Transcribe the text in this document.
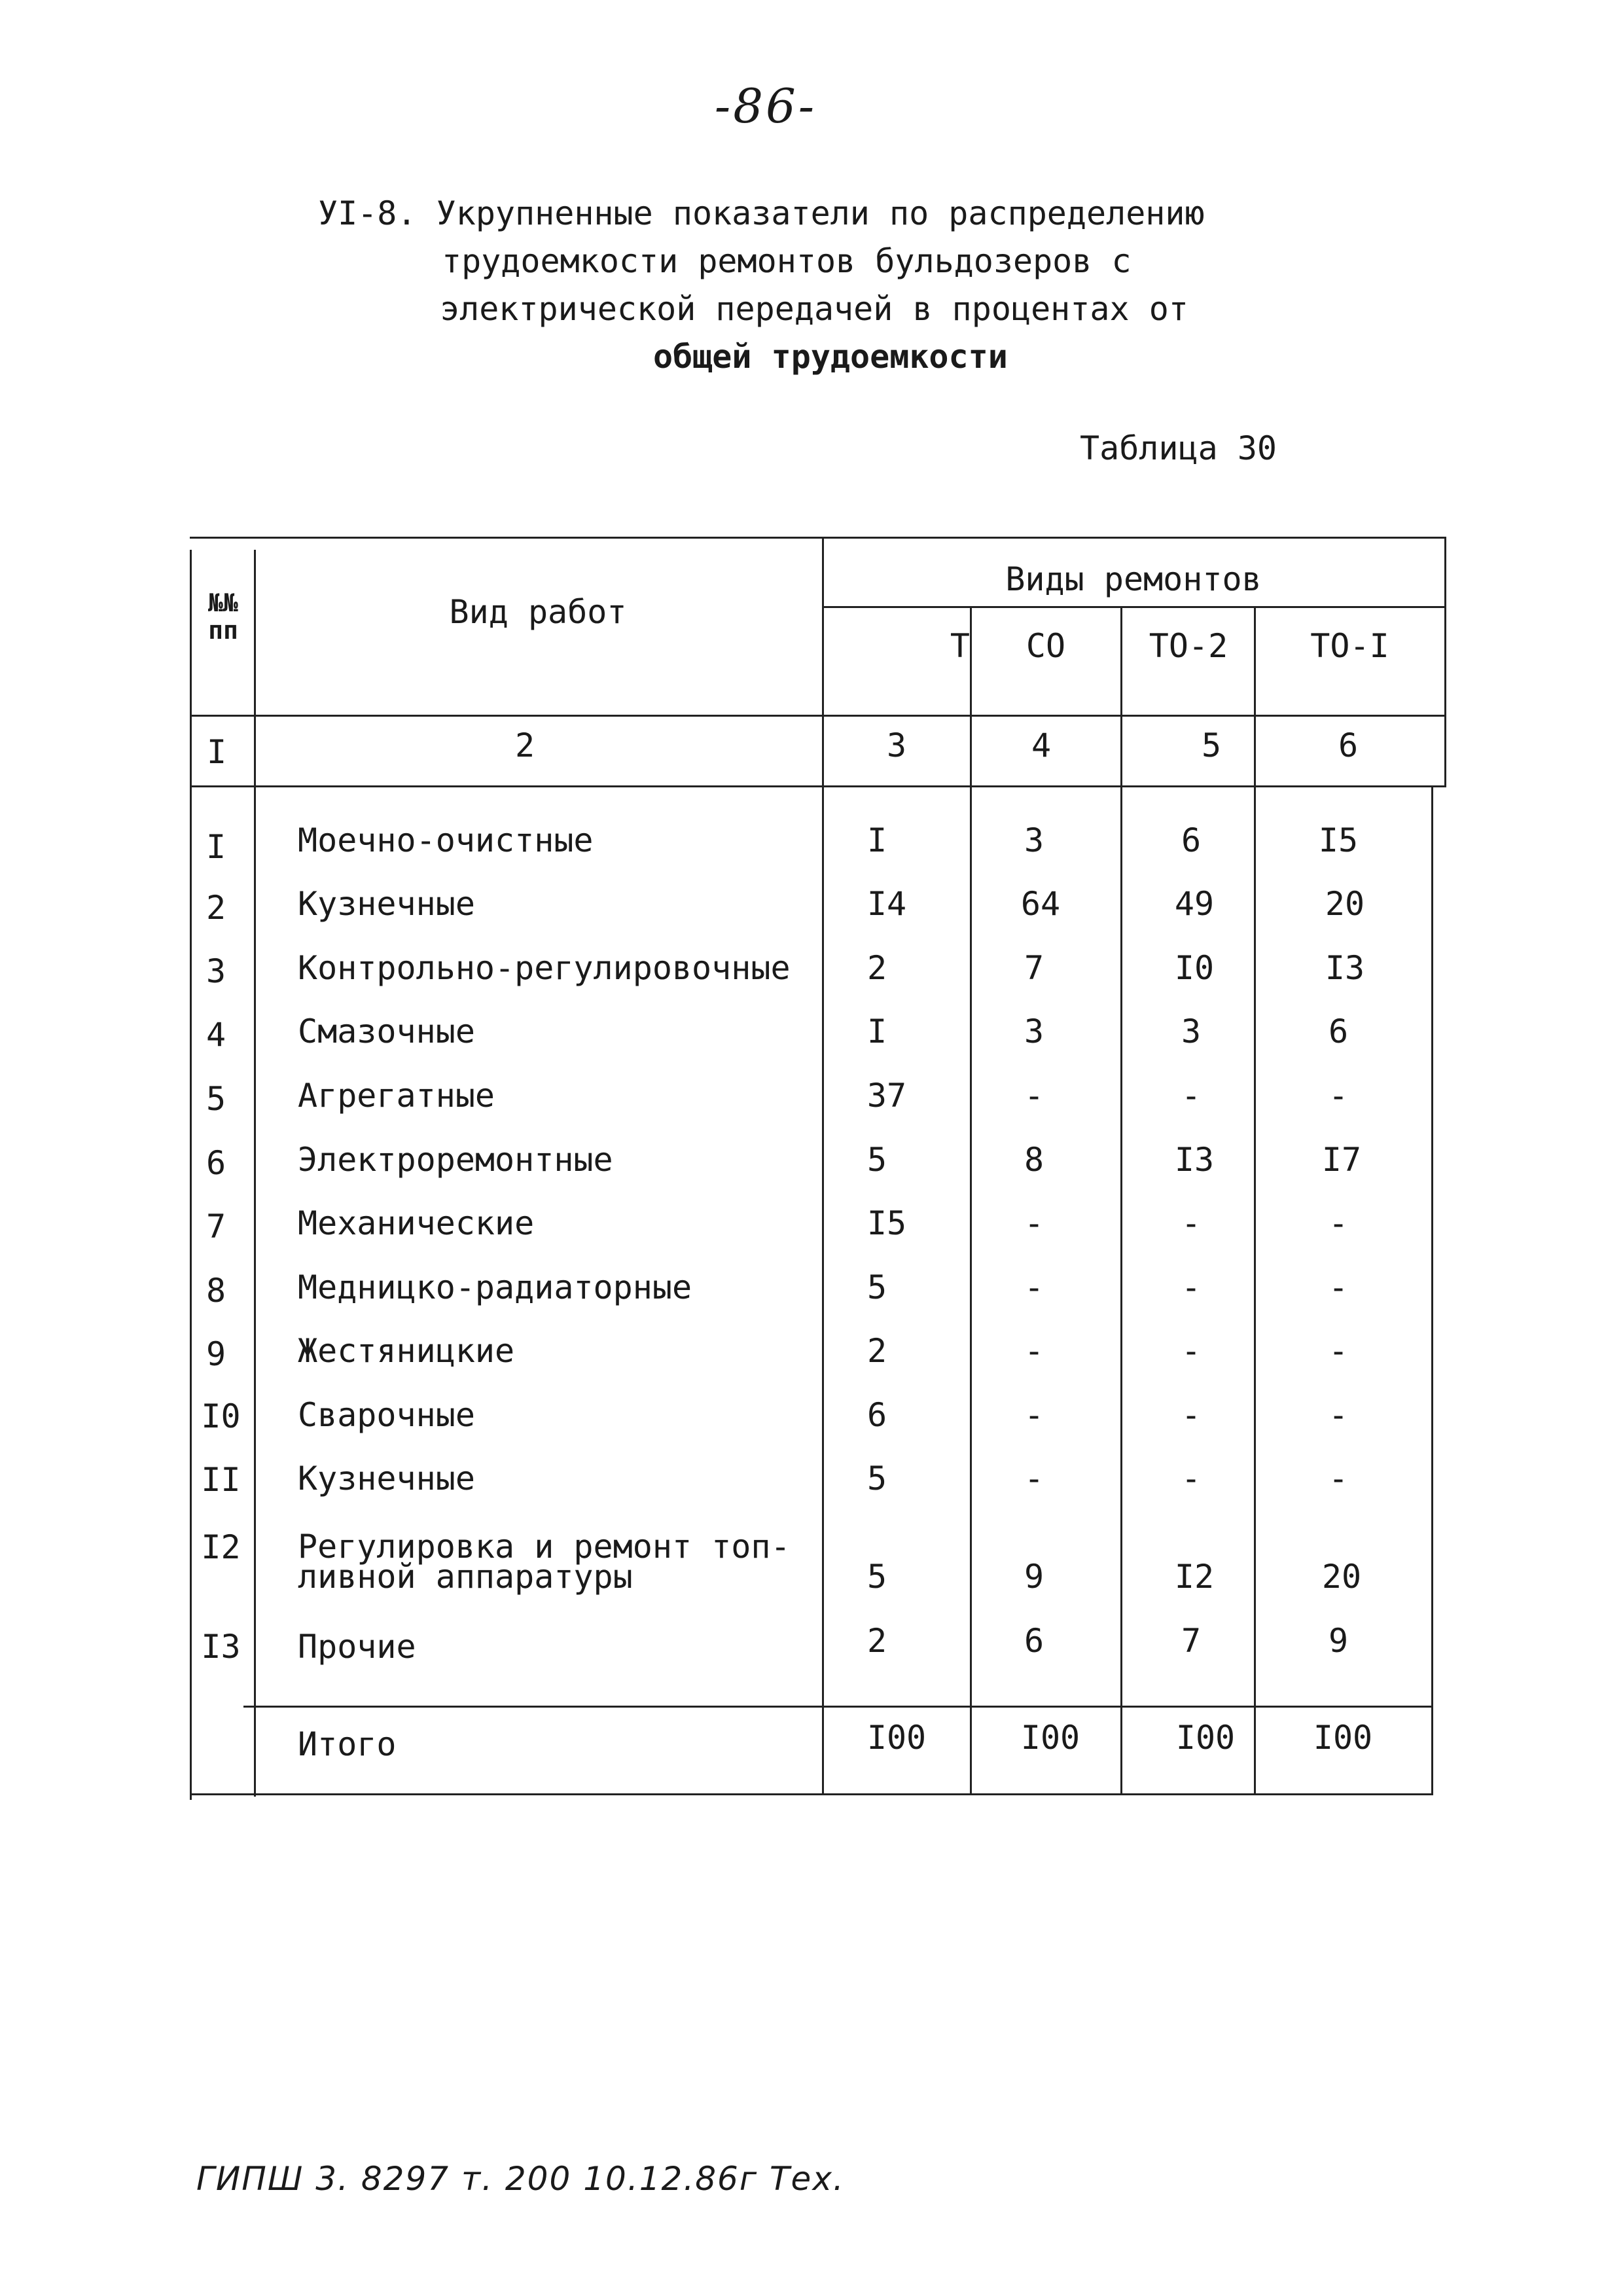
-86-
УI-8. Укрупненные показатели по распределению
трудоемкости ремонтов бульдозеров с
электрической передачей в процентах от
общей трудоемкости
Таблица 30
№№ пп	Вид работ
Виды ремонтов
Т	СО	ТО-2	ТО-I
I	2	3	4	5	6
I Моечно-очистные	I	3	6	I5
2 Кузнечные	I4	64	49	20
3 Контрольно-регулировочные	2	7	I0	I3
4 Смазочные	I	3	3	6
5 Агрегатные	37	-	-	-
6 Электроремонтные	5	8	I3	I7
7 Механические	I5	-	-	-
8 Медницко-радиаторные	5	-	-	-
9 Жестяницкие	2	-	-	-
I0 Сварочные	6	-	-	-
II Кузнечные	5	-	-	-
I2 Регулировка и ремонт топ-
ливной аппаратуры	5	9	I2	20
I3 Прочие	2	6	7	9
Итого	I00	I00	I00	I00
ГИПШ 3. 8297 т. 200 10.12.86г Тех.
